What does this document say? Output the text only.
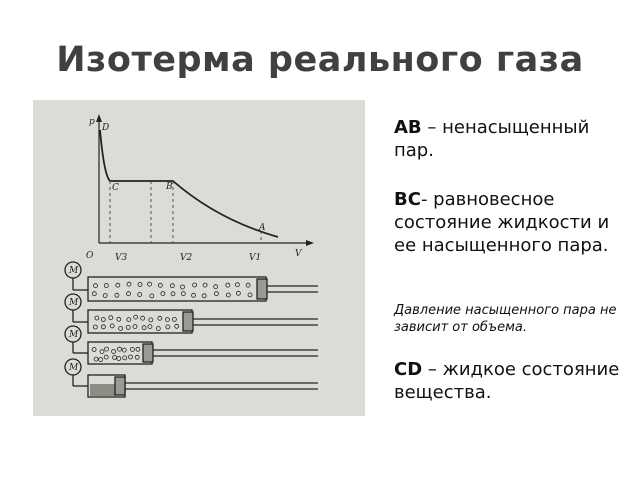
Изотерма реального газа
p
D
C	B
A
O	V
V3	V2	V1
M
M
M
M
AB – ненасыщенный пар.
BC- равновесное состояние жидкости и ее насыщенного пара.
Давление насыщенного пара не зависит от объема.
CD – жидкое состояние вещества.
